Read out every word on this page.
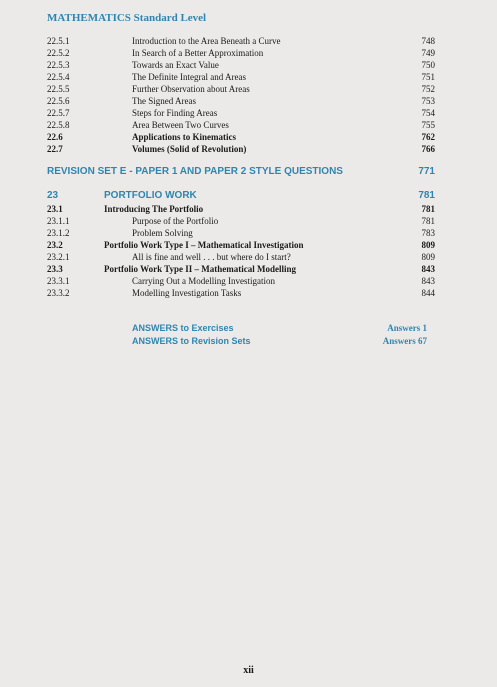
MATHEMATICS Standard Level
22.5.1	Introduction to the Area Beneath a Curve	748
22.5.2	In Search of a Better Approximation	749
22.5.3	Towards an Exact Value	750
22.5.4	The Definite Integral and Areas	751
22.5.5	Further Observation about Areas	752
22.5.6	The Signed Areas	753
22.5.7	Steps for Finding Areas	754
22.5.8	Area Between Two Curves	755
22.6	Applications to Kinematics	762
22.7	Volumes (Solid of Revolution)	766
REVISION SET E - PAPER 1 AND PAPER 2 STYLE QUESTIONS	771
23	PORTFOLIO WORK	781
23.1	Introducing The Portfolio	781
23.1.1	Purpose of the Portfolio	781
23.1.2	Problem Solving	783
23.2	Portfolio Work Type I – Mathematical Investigation	809
23.2.1	All is fine and well . . . but where do I start?	809
23.3	Portfolio Work Type II – Mathematical Modelling	843
23.3.1	Carrying Out a Modelling Investigation	843
23.3.2	Modelling Investigation Tasks	844
ANSWERS to Exercises	Answers 1
ANSWERS to Revision Sets	Answers 67
xii
